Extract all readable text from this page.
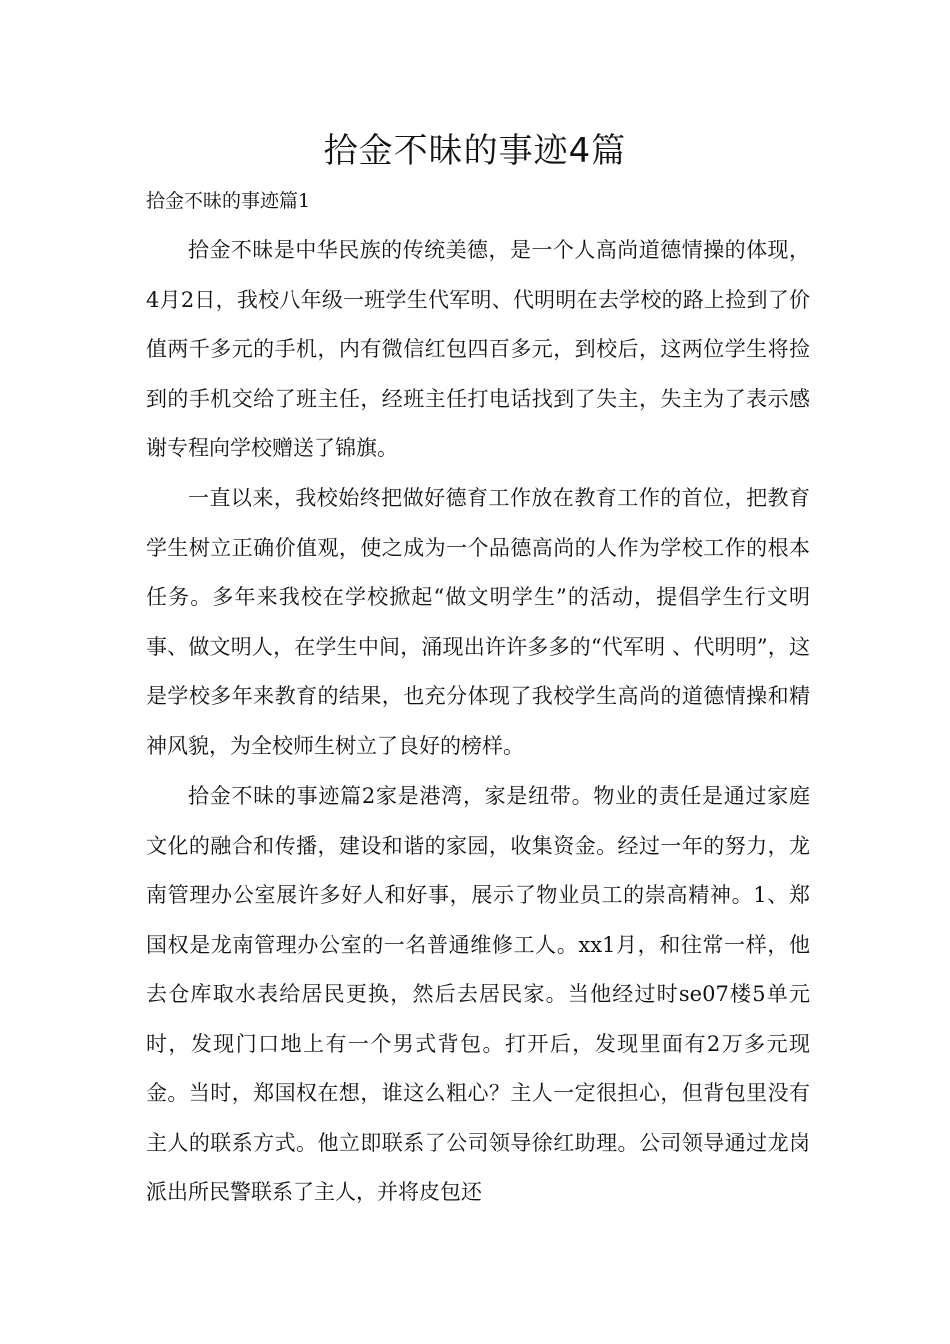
拾金不昧的事迹4篇
拾金不昧的事迹篇1

拾金不昧是中华民族的传统美德，是一个人高尚道德情操的体现，4月2日，我校八年级一班学生代军明、代明明在去学校的路上捡到了价值两千多元的手机，内有微信红包四百多元，到校后，这两位学生将捡到的手机交给了班主任，经班主任打电话找到了失主，失主为了表示感谢专程向学校赠送了锦旗。

一直以来，我校始终把做好德育工作放在教育工作的首位，把教育学生树立正确价值观，使之成为一个品德高尚的人作为学校工作的根本任务。多年来我校在学校掀起“做文明学生”的活动，提倡学生行文明事、做文明人，在学生中间，涌现出许许多多的“代军明 、代明明”，这是学校多年来教育的结果，也充分体现了我校学生高尚的道德情操和精神风貌，为全校师生树立了良好的榜样。

拾金不昧的事迹篇2家是港湾，家是纽带。物业的责任是通过家庭文化的融合和传播，建设和谐的家园，收集资金。经过一年的努力，龙南管理办公室展许多好人和好事，展示了物业员工的崇高精神。1、郑国权是龙南管理办公室的一名普通维修工人。xx1月，和往常一样，他去仓库取水表给居民更换，然后去居民家。当他经过时se07楼5单元时，发现门口地上有一个男式背包。打开后，发现里面有2万多元现金。当时，郑国权在想，谁这么粗心？主人一定很担心，但背包里没有主人的联系方式。他立即联系了公司领导徐红助理。公司领导通过龙岗派出所民警联系了主人，并将皮包还
